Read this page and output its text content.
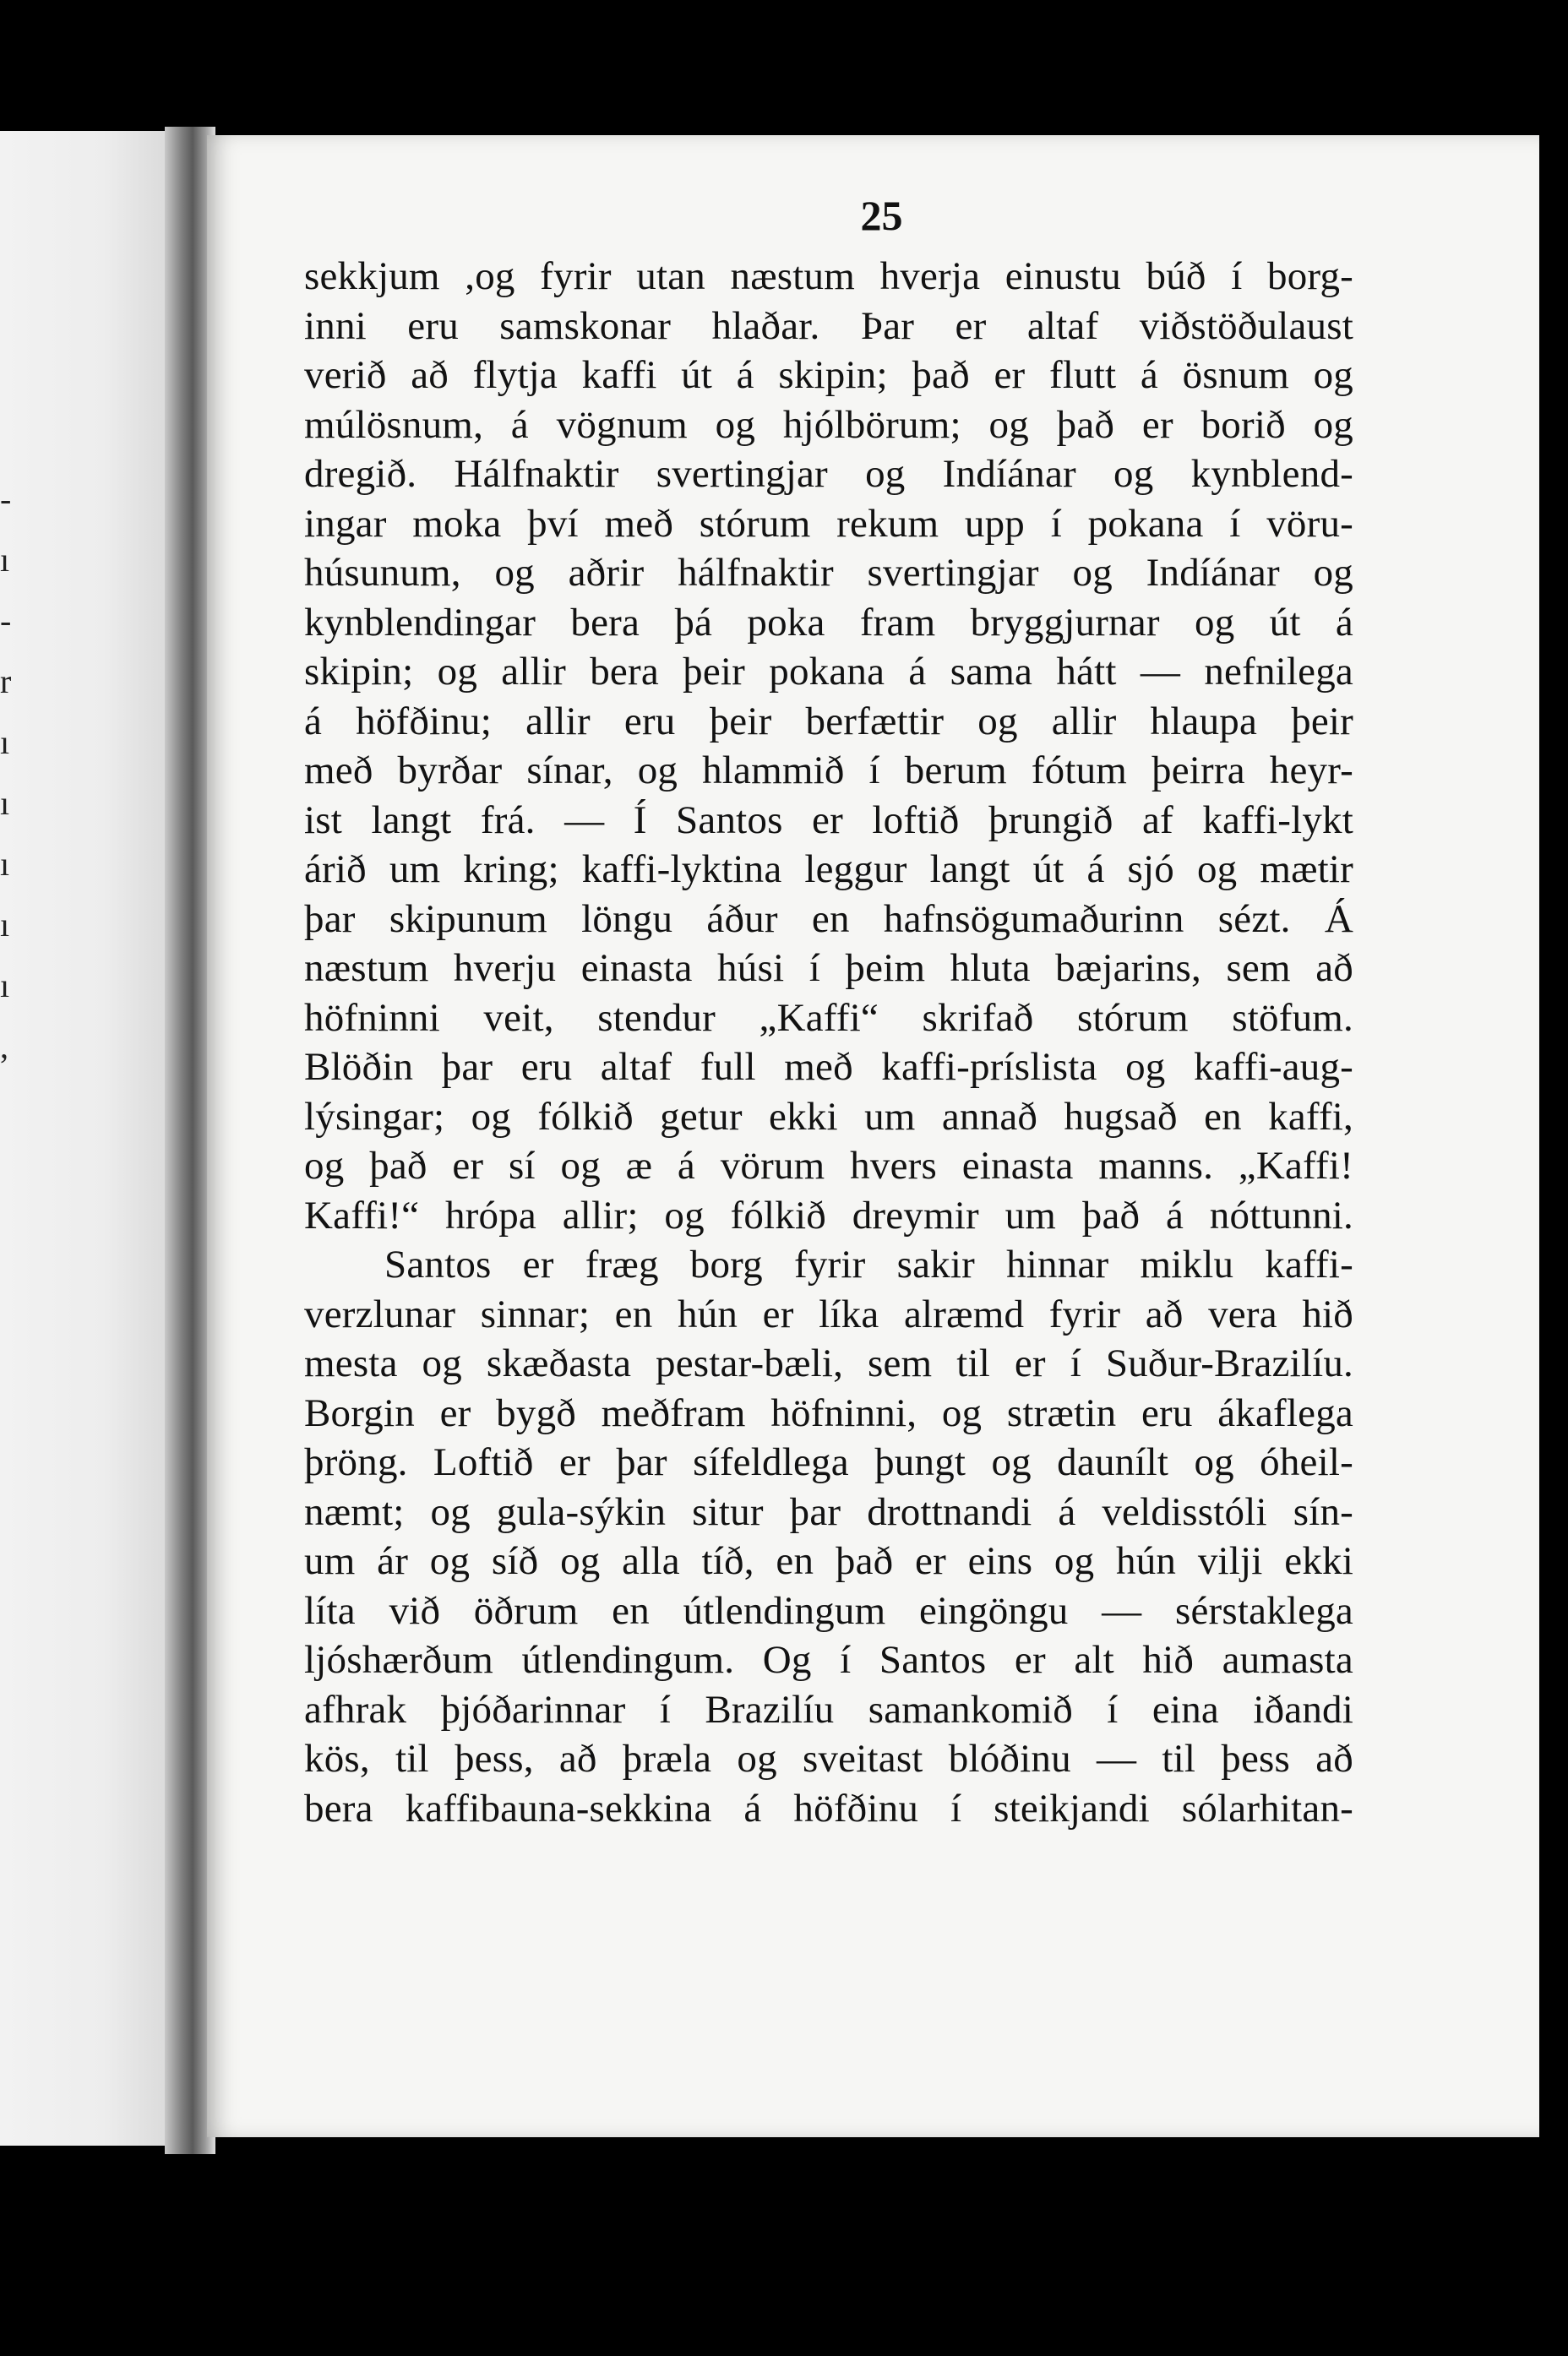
-
ı
-
r
ı
ı
ı
ı
ı
,
25
sekkjum ,og fyrir utan næstum hverja einustu búð í borg-
inni eru samskonar hlaðar. Þar er altaf viðstöðulaust
verið að flytja kaffi út á skipin; það er flutt á ösnum og
múlösnum, á vögnum og hjólbörum; og það er borið og
dregið. Hálfnaktir svertingjar og Indíánar og kynblend-
ingar moka því með stórum rekum upp í pokana í vöru-
húsunum, og aðrir hálfnaktir svertingjar og Indíánar og
kynblendingar bera þá poka fram bryggjurnar og út á
skipin; og allir bera þeir pokana á sama hátt — nefnilega
á höfðinu; allir eru þeir berfættir og allir hlaupa þeir
með byrðar sínar, og hlammið í berum fótum þeirra heyr-
ist langt frá. — Í Santos er loftið þrungið af kaffi-lykt
árið um kring; kaffi-lyktina leggur langt út á sjó og mætir
þar skipunum löngu áður en hafnsögumaðurinn sézt. Á
næstum hverju einasta húsi í þeim hluta bæjarins, sem að
höfninni veit, stendur „Kaffi“ skrifað stórum stöfum.
Blöðin þar eru altaf full með kaffi-príslista og kaffi-aug-
lýsingar; og fólkið getur ekki um annað hugsað en kaffi,
og það er sí og æ á vörum hvers einasta manns. „Kaffi!
Kaffi!“ hrópa allir; og fólkið dreymir um það á nóttunni.
Santos er fræg borg fyrir sakir hinnar miklu kaffi-
verzlunar sinnar; en hún er líka alræmd fyrir að vera hið
mesta og skæðasta pestar-bæli, sem til er í Suður-Brazilíu.
Borgin er bygð meðfram höfninni, og strætin eru ákaflega
þröng. Loftið er þar sífeldlega þungt og daunílt og óheil-
næmt; og gula-sýkin situr þar drottnandi á veldisstóli sín-
um ár og síð og alla tíð, en það er eins og hún vilji ekki
líta við öðrum en útlendingum eingöngu — sérstaklega
ljóshærðum útlendingum. Og í Santos er alt hið aumasta
afhrak þjóðarinnar í Brazilíu samankomið í eina iðandi
kös, til þess, að þræla og sveitast blóðinu — til þess að
bera kaffibauna-sekkina á höfðinu í steikjandi sólarhitan-
